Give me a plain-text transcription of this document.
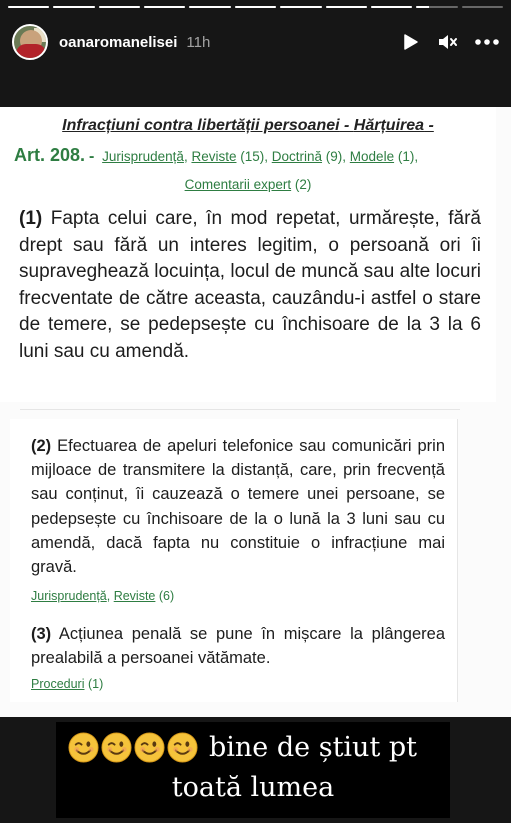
oanaromanelisei 11h
Infracțiuni contra libertății persoanei - Hărțuirea -
Art. 208. - Jurisprudență, Reviste (15), Doctrină (9), Modele (1),
Comentarii expert (2)
(1) Fapta celui care, în mod repetat, urmărește, fără drept sau fără un interes legitim, o persoană ori îi supraveghează locuința, locul de muncă sau alte locuri frecventate de către aceasta, cauzându-i astfel o stare de temere, se pedepsește cu închisoare de la 3 la 6 luni sau cu amendă.
(2) Efectuarea de apeluri telefonice sau comunicări prin mijloace de transmitere la distanță, care, prin frecvență sau conținut, îi cauzează o temere unei persoane, se pedepsește cu închisoare de la o lună la 3 luni sau cu amendă, dacă fapta nu constituie o infracțiune mai gravă.
Jurisprudență, Reviste (6)
(3) Acțiunea penală se pune în mișcare la plângerea prealabilă a persoanei vătămate.
Proceduri (1)
bine de știut pt
toată lumea
